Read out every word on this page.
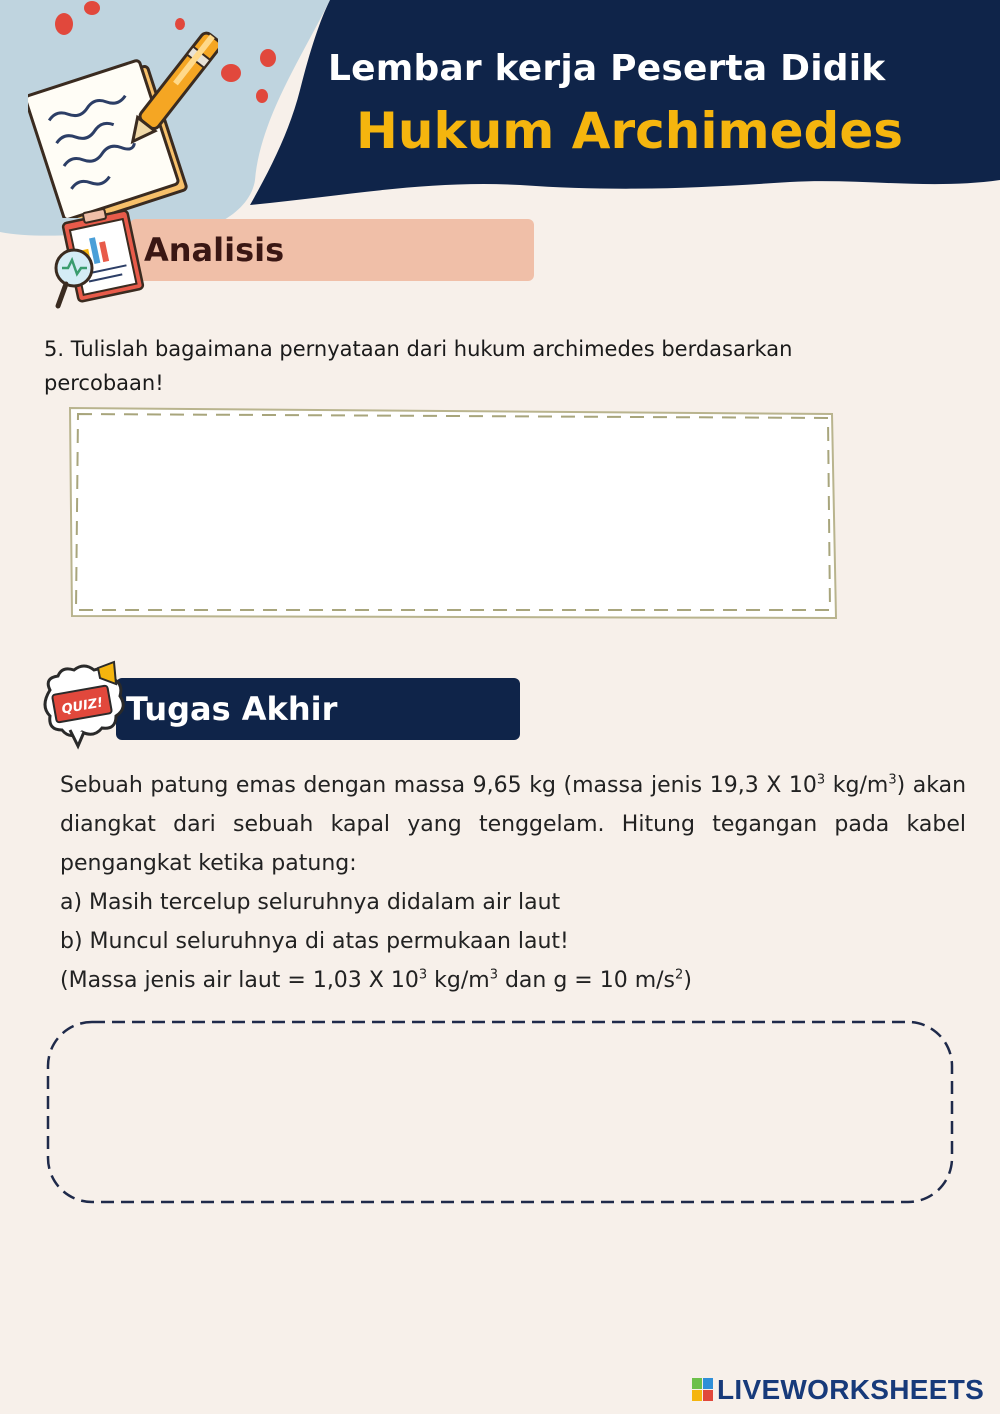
Lembar kerja Peserta Didik
Hukum Archimedes
Analisis
5. Tulislah bagaimana pernyataan dari hukum archimedes berdasarkan percobaan!
Tugas Akhir
QUIZ!
Sebuah patung emas dengan massa 9,65 kg (massa jenis 19,3 X $10^3$ $kg/m^3$) akan
diangkat dari sebuah kapal yang tenggelam. Hitung tegangan pada kabel
pengangkat ketika patung:
a) Masih tercelup seluruhnya didalam air laut
b) Muncul seluruhnya di atas permukaan laut!
(Massa jenis air laut = 1,03 X $10^3$ $kg/m^3$ dan g = 10 $m/s^2$)
LIVEWORKSHEETS
